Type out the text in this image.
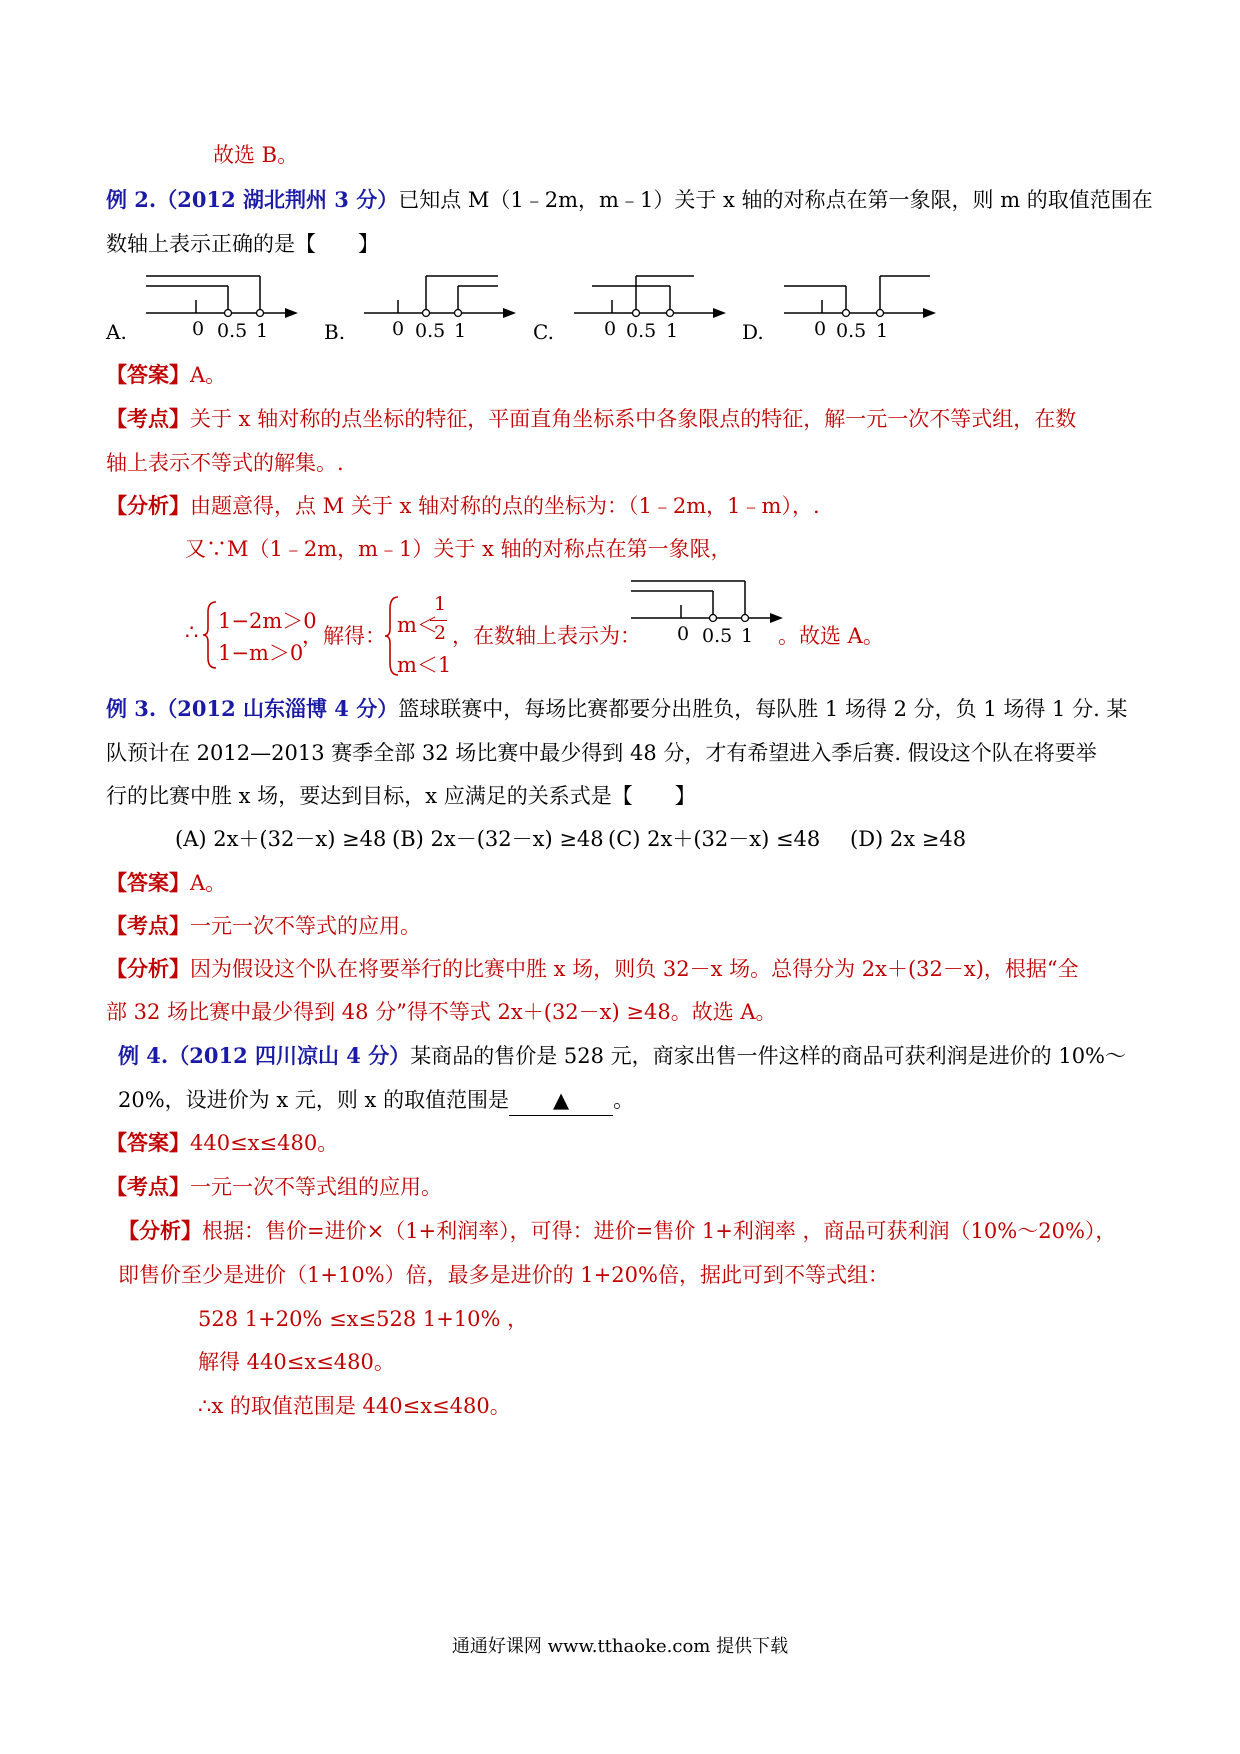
故选 B。
例 2.（2012 湖北荆州 3 分）已知点 M（1﹣2m，m﹣1）关于 x 轴的对称点在第一象限，则 m 的取值范围在
数轴上表示正确的是【　　】
A.	0 0.5 1	B. 0 0.5 1	C.	0 0.5 1	D.	0 0.5 1
【答案】A。
【考点】关于 x 轴对称的点坐标的特征，平面直角坐标系中各象限点的特征，解一元一次不等式组，在数
轴上表示不等式的解集。.
【分析】由题意得，点 M 关于 x 轴对称的点的坐标为：（1﹣2m，1﹣m），.
又∵M（1﹣2m，m﹣1）关于 x 轴的对称点在第一象限，
∴ 1−2m＞0
1−m＞0
，解得： m＜
1
2
m＜1
，在数轴上表示为： 0 0.5 1 。故选 A。
例 3.（2012 山东淄博 4 分）篮球联赛中，每场比赛都要分出胜负，每队胜 1 场得 2 分，负 1 场得 1 分. 某
队预计在 2012—2013 赛季全部 32 场比赛中最少得到 48 分，才有希望进入季后赛. 假设这个队在将要举
行的比赛中胜 x 场，要达到目标，x 应满足的关系式是【　　】
(A) 2x＋(32－x) ≥48 (B) 2x－(32－x) ≥48 (C) 2x＋(32－x) ≤48 (D) 2x ≥48
【答案】A。
【考点】一元一次不等式的应用。
【分析】因为假设这个队在将要举行的比赛中胜 x 场，则负 32－x 场。总得分为 2x＋(32－x)，根据“全
部 32 场比赛中最少得到 48 分”得不等式 2x＋(32－x) ≥48。故选 A。
例 4.（2012 四川凉山 4 分）某商品的售价是 528 元，商家出售一件这样的商品可获利润是进价的 10%～
20%，设进价为 x 元，则 x 的取值范围是 ▲ 。
【答案】440≤x≤480。
【考点】一元一次不等式组的应用。
【分析】根据：售价=进价×（1+利润率），可得：进价=售价 1+利润率 ，商品可获利润（10%～20%），
即售价至少是进价（1+10%）倍，最多是进价的 1+20%倍，据此可到不等式组：
528 1+20% ≤x≤528 1+10% ，
解得 440≤x≤480。
∴x 的取值范围是 440≤x≤480。
通通好课网 www.tthaoke.com 提供下载
